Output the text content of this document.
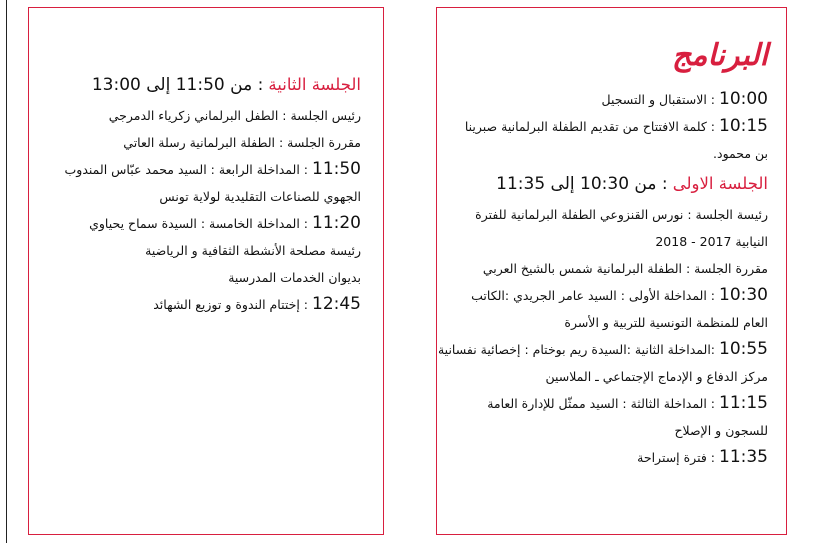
البرنامج
10:00 : الاستقبال و التسجيل
10:15 : كلمة الافتتاح من تقديم الطفلة البرلمانية صبرينا
بن محمود.
الجلسة الاولى : من 10:30 إلى 11:35
رئيسة الجلسة : نورس القنزوعي الطفلة البرلمانية للفترة
النيابية 2017 - 2018
مقررة الجلسة : الطفلة البرلمانية شمس بالشيخ العربي
10:30 : المداخلة الأولى : السيد عامر الجريدي :الكاتب
العام للمنظمة التونسية للتربية و الأسرة
10:55 :المداخلة الثانية :السيدة ريم بوختام : إخصائية نفسانية
مركز الدفاع و الإدماج الإجتماعي ـ الملاسين
11:15 : المداخلة الثالثة : السيد ممثّل للإدارة العامة
للسجون و الإصلاح
11:35 : فترة إستراحة
الجلسة الثانية : من 11:50 إلى 13:00
رئيس الجلسة : الطفل البرلماني زكرياء الدمرجي
مقررة الجلسة : الطفلة البرلمانية رسلة العاتي
11:50 : المداخلة الرابعة : السيد محمد عبّاس المندوب
الجهوي للصناعات التقليدية لولاية تونس
11:20 : المداخلة الخامسة : السيدة سماح يحياوي
رئيسة مصلحة الأنشطة الثقافية و الرياضية
بديوان الخدمات المدرسية
12:45 : إختتام الندوة و توزيع الشهائد
